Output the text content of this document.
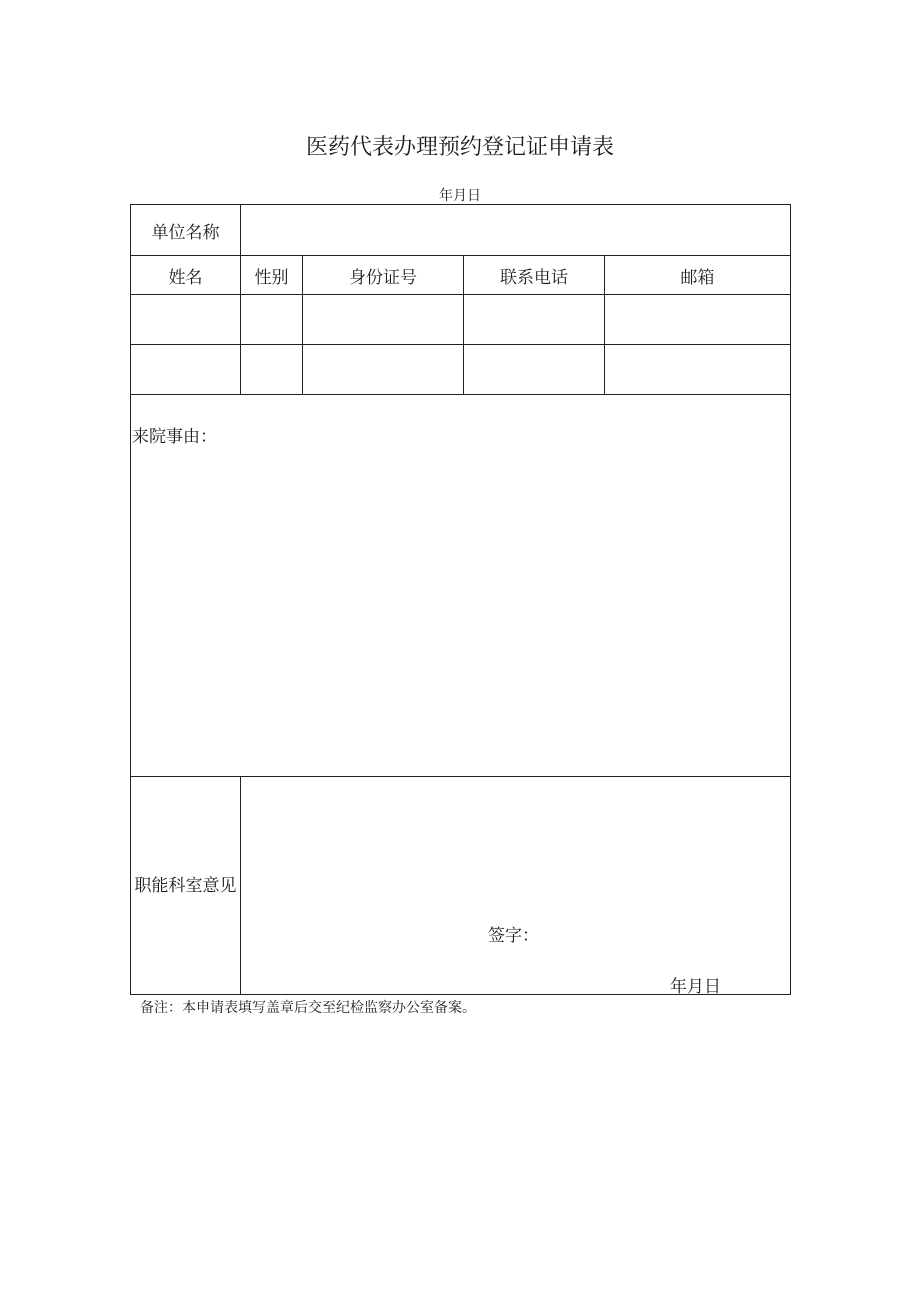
医药代表办理预约登记证申请表
年月日
单位名称				
姓名	性别	身份证号	联系电话	邮箱

来院事由：				

职能科室意见	签字：
年月日			
备注：本申请表填写盖章后交至纪检监察办公室备案。
